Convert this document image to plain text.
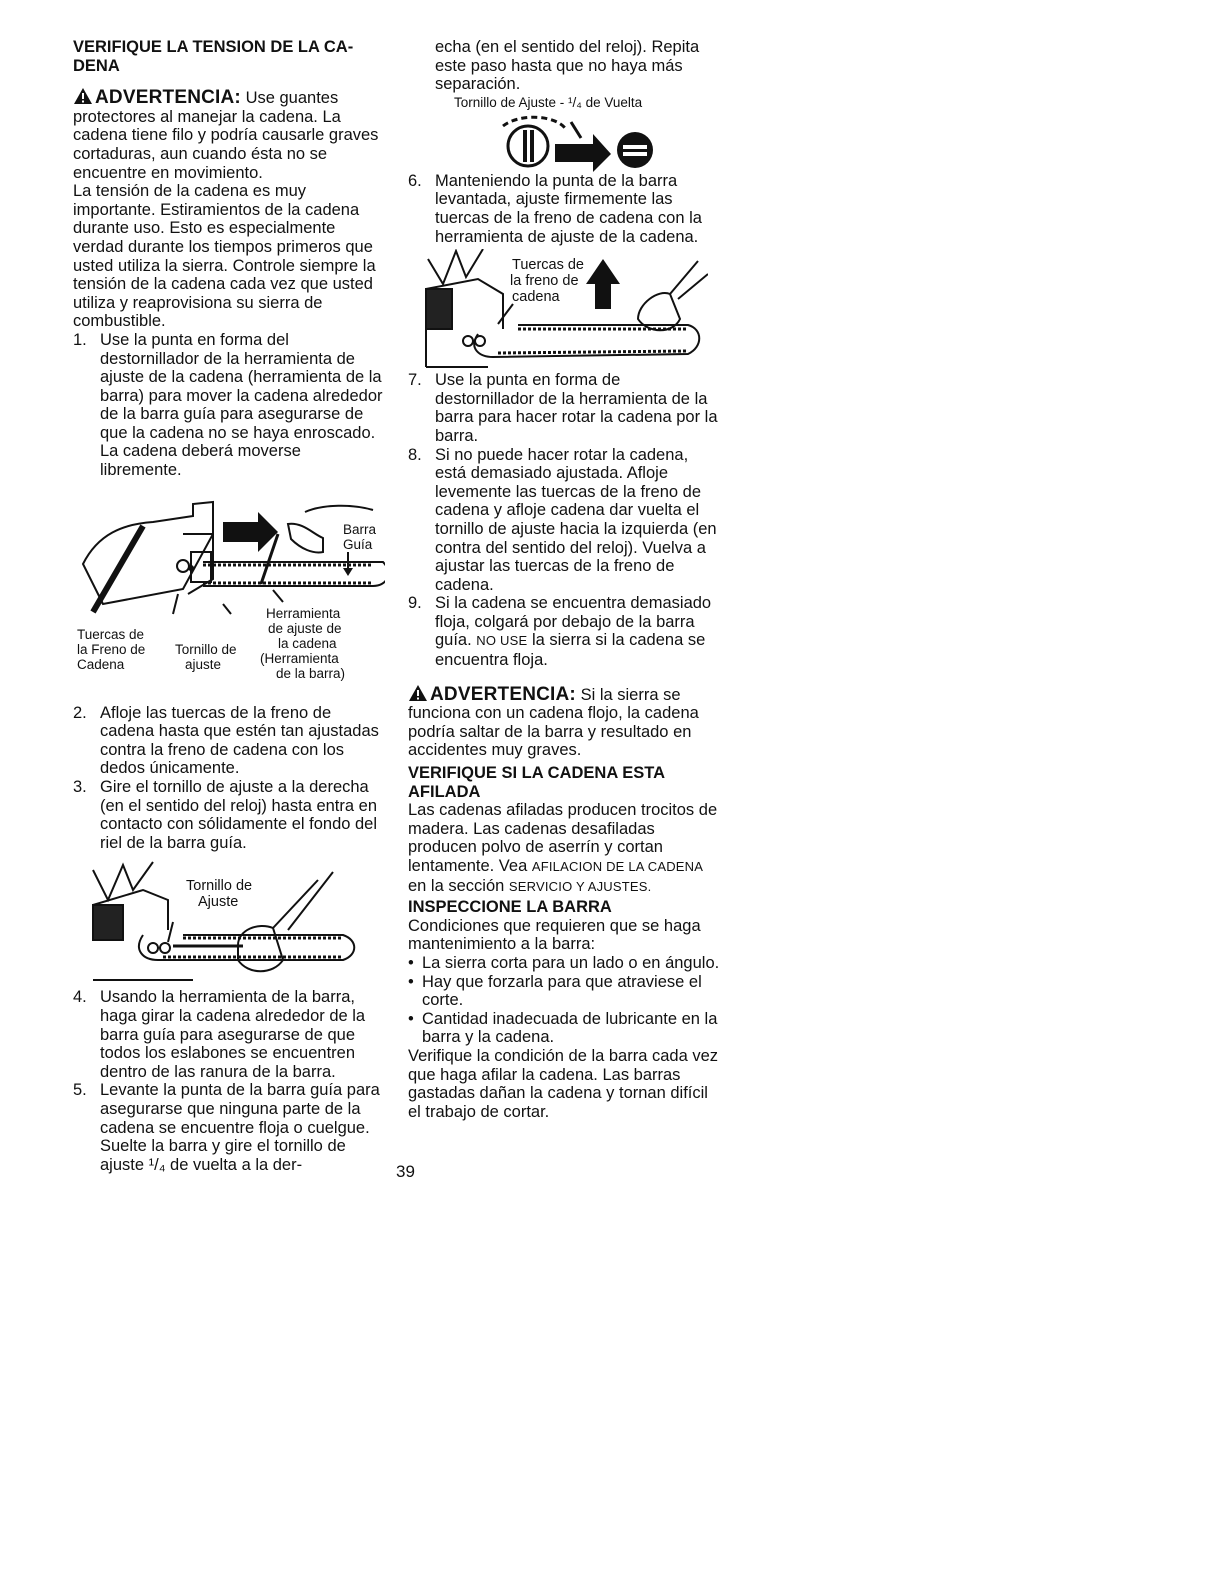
VERIFIQUE LA TENSION DE LA CA-DENA

ADVERTENCIA: Use guantes protectores al manejar la cadena. La cadena tiene filo y podría causarle graves cortaduras, aun cuando ésta no se encuentre en movimiento.

La tensión de la cadena es muy importante. Estiramientos de la cadena durante uso. Esto es especialmente verdad durante los tiempos primeros que usted utiliza la sierra. Controle siempre la tensión de la cadena cada vez que usted utiliza y reaprovisiona su sierra de combustible.

1. Use la punta en forma del destornillador de la herramienta de ajuste de la cadena (herramienta de la barra) para mover la cadena alrededor de la barra guía para asegurarse de que la cadena no se haya enroscado. La cadena deberá moverse libremente.
Barra
Guía
Herramienta
de ajuste de
la cadena
(Herramienta
de la barra)
Tuercas de
la Freno de
Cadena
Tornillo de
ajuste
2. Afloje las tuercas de la freno de cadena hasta que estén tan ajustadas contra la freno de cadena con los dedos únicamente.
3. Gire el tornillo de ajuste a la derecha (en el sentido del reloj) hasta entra en contacto con sólidamente el fondo del riel de la barra guía.
Tornillo de
Ajuste
4. Usando la herramienta de la barra, haga girar la cadena alrededor de la barra guía para asegurarse de que todos los eslabones se encuentren dentro de las ranura de la barra.
5. Levante la punta de la barra guía para asegurarse que ninguna parte de la cadena se encuentre floja o cuelgue. Suelte la barra y gire el tornillo de ajuste ¹/₄ de vuelta a la der-

echa (en el sentido del reloj). Repita este paso hasta que no haya más separación.

Tornillo de Ajuste - ¹/₄ de Vuelta
6. Manteniendo la punta de la barra levantada, ajuste firmemente las tuercas de la freno de cadena con la herramienta de ajuste de la cadena.
Tuercas de
la freno de
cadena
7. Use la punta en forma de destornillador de la herramienta de la barra para hacer rotar la cadena por la barra.
8. Si no puede hacer rotar la cadena, está demasiado ajustada. Afloje levemente las tuercas de la freno de cadena y afloje cadena dar vuelta el tornillo de ajuste hacia la izquierda (en contra del sentido del reloj). Vuelva a ajustar las tuercas de la freno de cadena.
9. Si la cadena se encuentra demasiado floja, colgará por debajo de la barra guía. NO USE la sierra si la cadena se encuentra floja.

ADVERTENCIA: Si la sierra se funciona con un cadena flojo, la cadena podría saltar de la barra y resultado en accidentes muy graves.

VERIFIQUE SI LA CADENA ESTA AFILADA

Las cadenas afiladas producen trocitos de madera. Las cadenas desafiladas producen polvo de aserrín y cortan lentamente. Vea AFILACION DE LA CADENA en la sección SERVICIO Y AJUSTES.

INSPECCIONE LA BARRA

Condiciones que requieren que se haga mantenimiento a la barra:

• La sierra corta para un lado o en ángulo.
• Hay que forzarla para que atraviese el corte.
• Cantidad inadecuada de lubricante en la barra y la cadena.

Verifique la condición de la barra cada vez que haga afilar la cadena. Las barras gastadas dañan la cadena y tornan difícil el trabajo de cortar.

39
